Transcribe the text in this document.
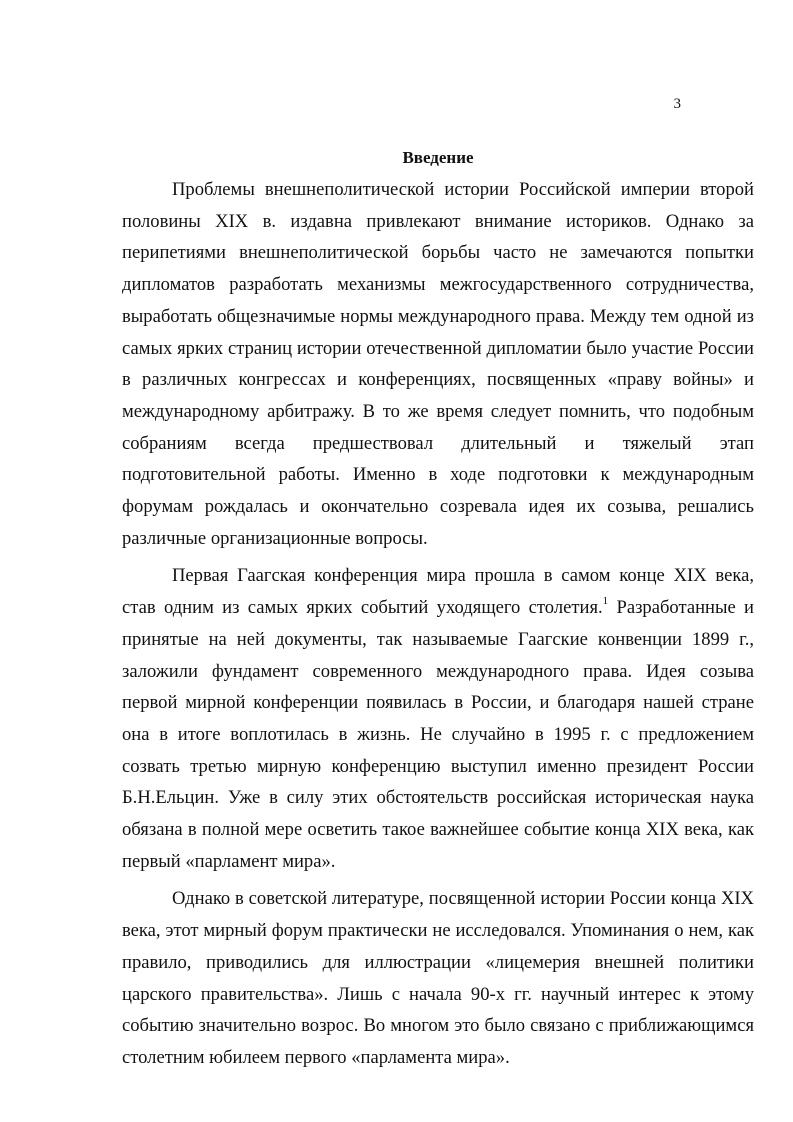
3
Введение

Проблемы внешнеполитической истории Российской империи второй половины XIX в. издавна привлекают внимание историков. Однако за перипетиями внешнеполитической борьбы часто не замечаются попытки дипломатов разработать механизмы межгосударственного сотрудничества, выработать общезначимые нормы международного права. Между тем одной из самых ярких страниц истории отечественной дипломатии было участие России в различных конгрессах и конференциях, посвященных «праву войны» и международному арбитражу. В то же время следует помнить, что подобным собраниям всегда предшествовал длительный и тяжелый этап подготовительной работы. Именно в ходе подготовки к международным форумам рождалась и окончательно созревала идея их созыва, решались различные организационные вопросы.

Первая Гаагская конференция мира прошла в самом конце XIX века, став одним из самых ярких событий уходящего столетия.$^1$ Разработанные и принятые на ней документы, так называемые Гаагские конвенции 1899 г., заложили фундамент современного международного права. Идея созыва первой мирной конференции появилась в России, и благодаря нашей стране она в итоге воплотилась в жизнь. Не случайно в 1995 г. с предложением созвать третью мирную конференцию выступил именно президент России Б.Н.Ельцин. Уже в силу этих обстоятельств российская историческая наука обязана в полной мере осветить такое важнейшее событие конца XIX века, как первый «парламент мира».

Однако в советской литературе, посвященной истории России конца XIX века, этот мирный форум практически не исследовался. Упоминания о нем, как правило, приводились для иллюстрации «лицемерия внешней политики царского правительства». Лишь с начала 90-х гг. научный интерес к этому событию значительно возрос. Во многом это было связано с приближающимся столетним юбилеем первого «парламента мира».
